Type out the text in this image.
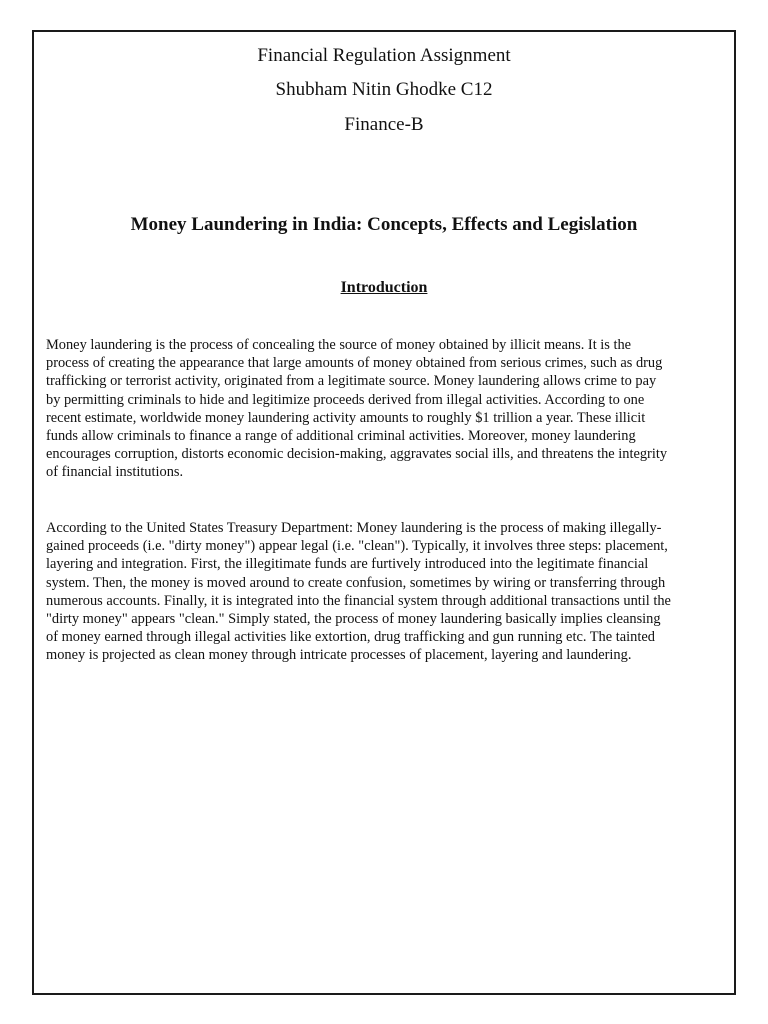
Financial Regulation Assignment
Shubham Nitin Ghodke C12
Finance-B
Money Laundering in India: Concepts, Effects and Legislation
Introduction

Money laundering is the process of concealing the source of money obtained by illicit means. It is the
process of creating the appearance that large amounts of money obtained from serious crimes, such as drug
trafficking or terrorist activity, originated from a legitimate source. Money laundering allows crime to pay
by permitting criminals to hide and legitimize proceeds derived from illegal activities. According to one
recent estimate, worldwide money laundering activity amounts to roughly $1 trillion a year. These illicit
funds allow criminals to finance a range of additional criminal activities. Moreover, money laundering
encourages corruption, distorts economic decision-making, aggravates social ills, and threatens the integrity
of financial institutions.

According to the United States Treasury Department: Money laundering is the process of making illegally-
gained proceeds (i.e. "dirty money") appear legal (i.e. "clean"). Typically, it involves three steps: placement,
layering and integration. First, the illegitimate funds are furtively introduced into the legitimate financial
system. Then, the money is moved around to create confusion, sometimes by wiring or transferring through
numerous accounts. Finally, it is integrated into the financial system through additional transactions until the
"dirty money" appears "clean." Simply stated, the process of money laundering basically implies cleansing
of money earned through illegal activities like extortion, drug trafficking and gun running etc. The tainted
money is projected as clean money through intricate processes of placement, layering and laundering.
